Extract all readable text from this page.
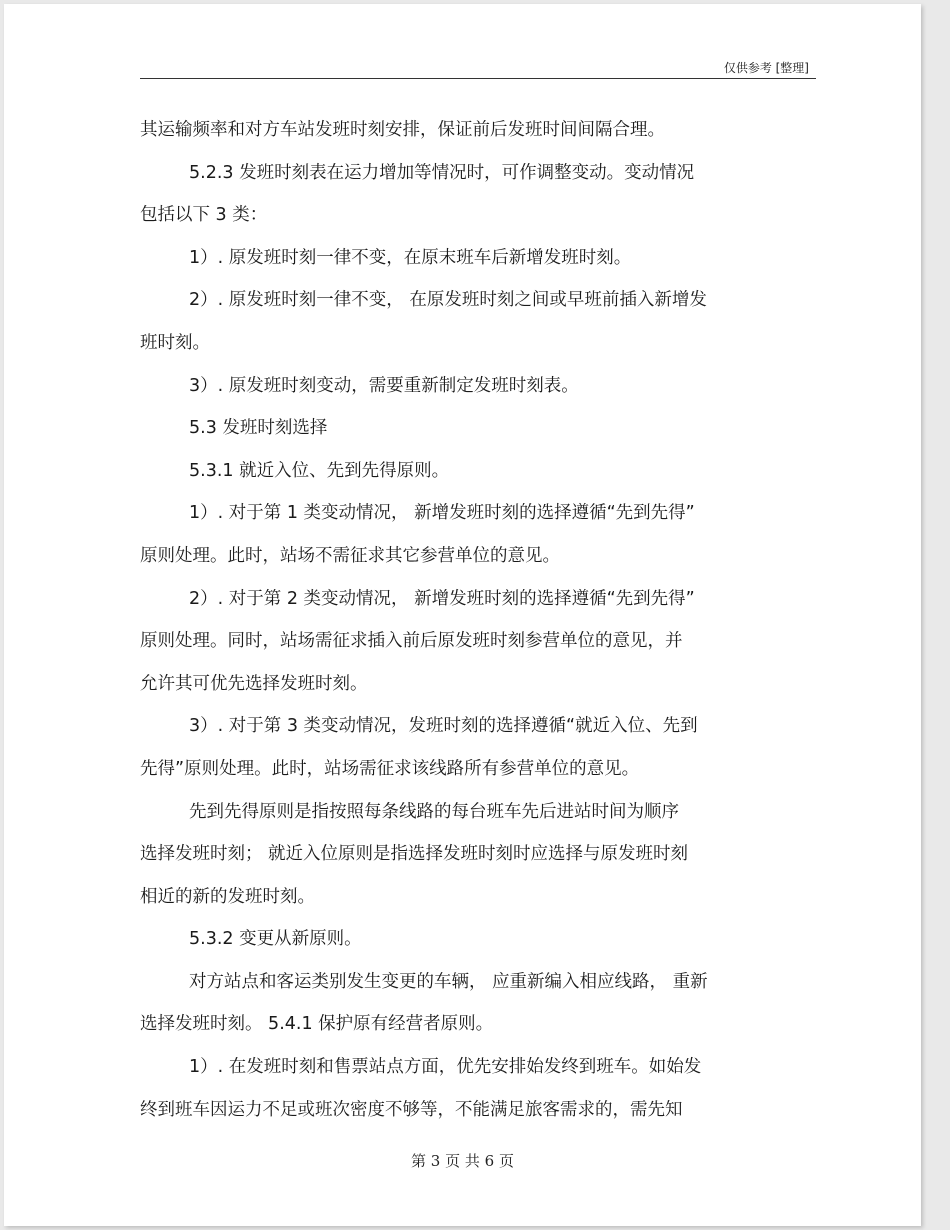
仅供参考 [整理]
其运输频率和对方车站发班时刻安排，保证前后发班时间间隔合理。
5.2.3 发班时刻表在运力增加等情况时，可作调整变动。变动情况
包括以下 3 类：
1）. 原发班时刻一律不变，在原末班车后新增发班时刻。
2）. 原发班时刻一律不变， 在原发班时刻之间或早班前插入新增发
班时刻。
3）. 原发班时刻变动，需要重新制定发班时刻表。
5.3 发班时刻选择
5.3.1 就近入位、先到先得原则。
1）. 对于第 1 类变动情况， 新增发班时刻的选择遵循“先到先得”
原则处理。此时，站场不需征求其它参营单位的意见。
2）. 对于第 2 类变动情况， 新增发班时刻的选择遵循“先到先得”
原则处理。同时，站场需征求插入前后原发班时刻参营单位的意见，并
允许其可优先选择发班时刻。
3）. 对于第 3 类变动情况，发班时刻的选择遵循“就近入位、先到
先得”原则处理。此时，站场需征求该线路所有参营单位的意见。
先到先得原则是指按照每条线路的每台班车先后进站时间为顺序
选择发班时刻； 就近入位原则是指选择发班时刻时应选择与原发班时刻
相近的新的发班时刻。
5.3.2 变更从新原则。
对方站点和客运类别发生变更的车辆， 应重新编入相应线路， 重新
选择发班时刻。 5.4.1 保护原有经营者原则。
1）. 在发班时刻和售票站点方面，优先安排始发终到班车。如始发
终到班车因运力不足或班次密度不够等，不能满足旅客需求的，需先知
第 3 页 共 6 页
